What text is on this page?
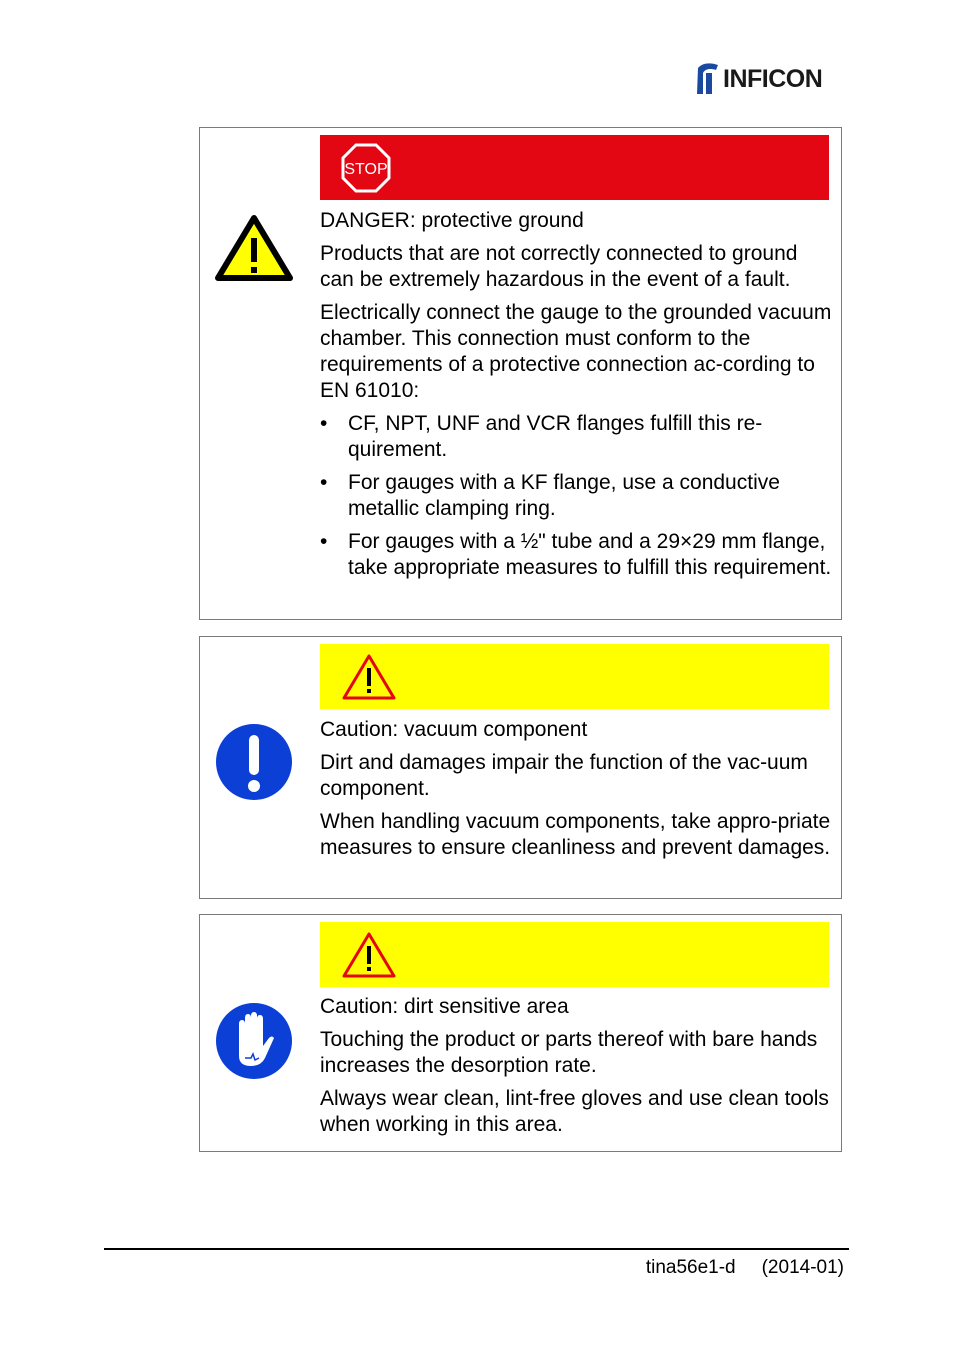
INFICON
STOP

DANGER: protective ground

Products that are not correctly connected to ground can be extremely hazardous in the event of a fault.

Electrically connect the gauge to the grounded vacuum chamber. This connection must conform to the requirements of a protective connection ac-cording to EN 61010:

• CF, NPT, UNF and VCR flanges fulfill this re-quirement.
• For gauges with a KF flange, use a conductive metallic clamping ring.
• For gauges with a ½" tube and a 29×29 mm flange, take appropriate measures to fulfill this requirement.

Caution: vacuum component

Dirt and damages impair the function of the vac-uum component.

When handling vacuum components, take appro-priate measures to ensure cleanliness and prevent damages.

Caution: dirt sensitive area

Touching the product or parts thereof with bare hands increases the desorption rate.

Always wear clean, lint-free gloves and use clean tools when working in this area.

tina56e1-d (2014-01)
